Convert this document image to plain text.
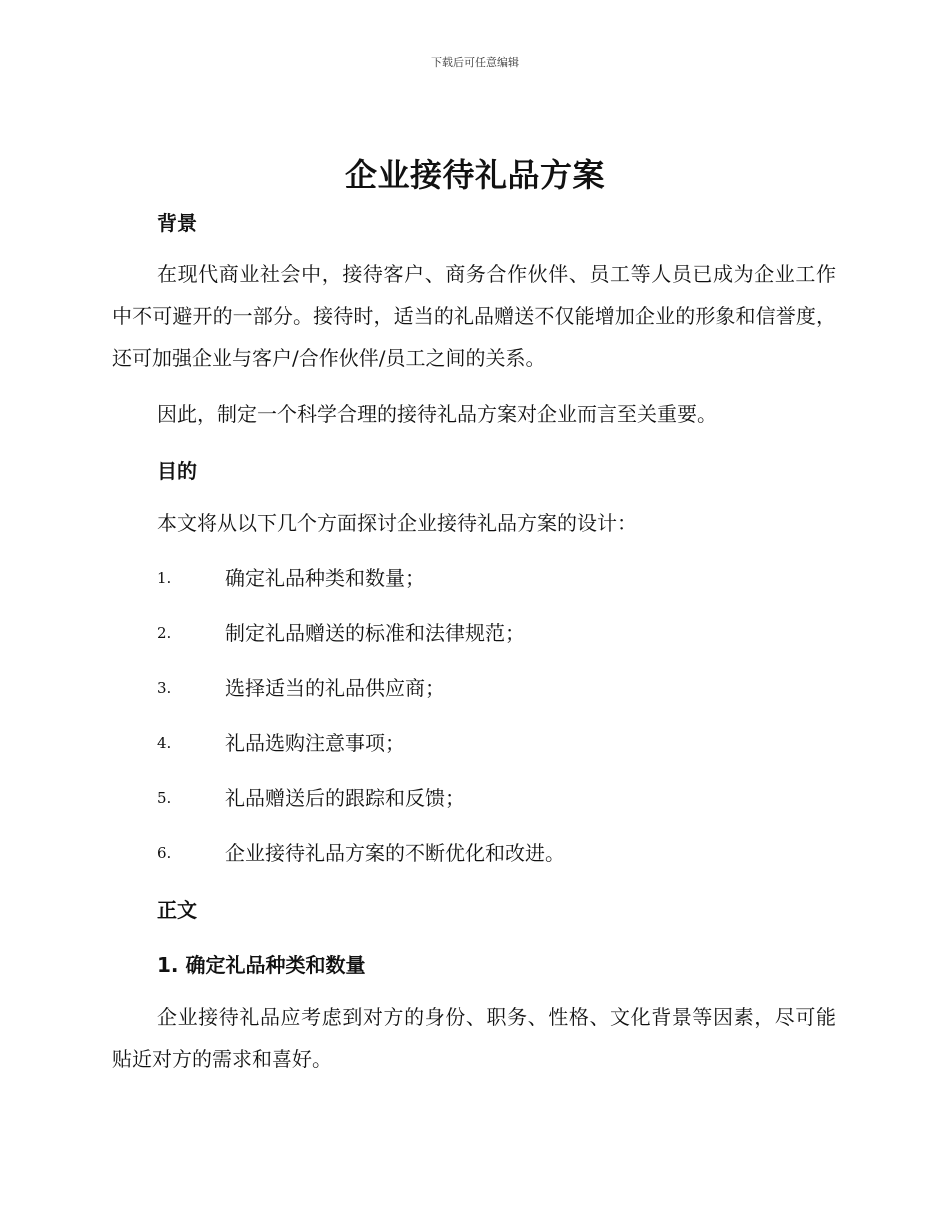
下载后可任意编辑
企业接待礼品方案
背景
在现代商业社会中，接待客户、商务合作伙伴、员工等人员已成为企业工作中不可避开的一部分。接待时，适当的礼品赠送不仅能增加企业的形象和信誉度，还可加强企业与客户/合作伙伴/员工之间的关系。
因此，制定一个科学合理的接待礼品方案对企业而言至关重要。
目的
本文将从以下几个方面探讨企业接待礼品方案的设计：
1.	确定礼品种类和数量；
2.	制定礼品赠送的标准和法律规范；
3.	选择适当的礼品供应商；
4.	礼品选购注意事项；
5.	礼品赠送后的跟踪和反馈；
6.	企业接待礼品方案的不断优化和改进。
正文
1. 确定礼品种类和数量
企业接待礼品应考虑到对方的身份、职务、性格、文化背景等因素，尽可能贴近对方的需求和喜好。
